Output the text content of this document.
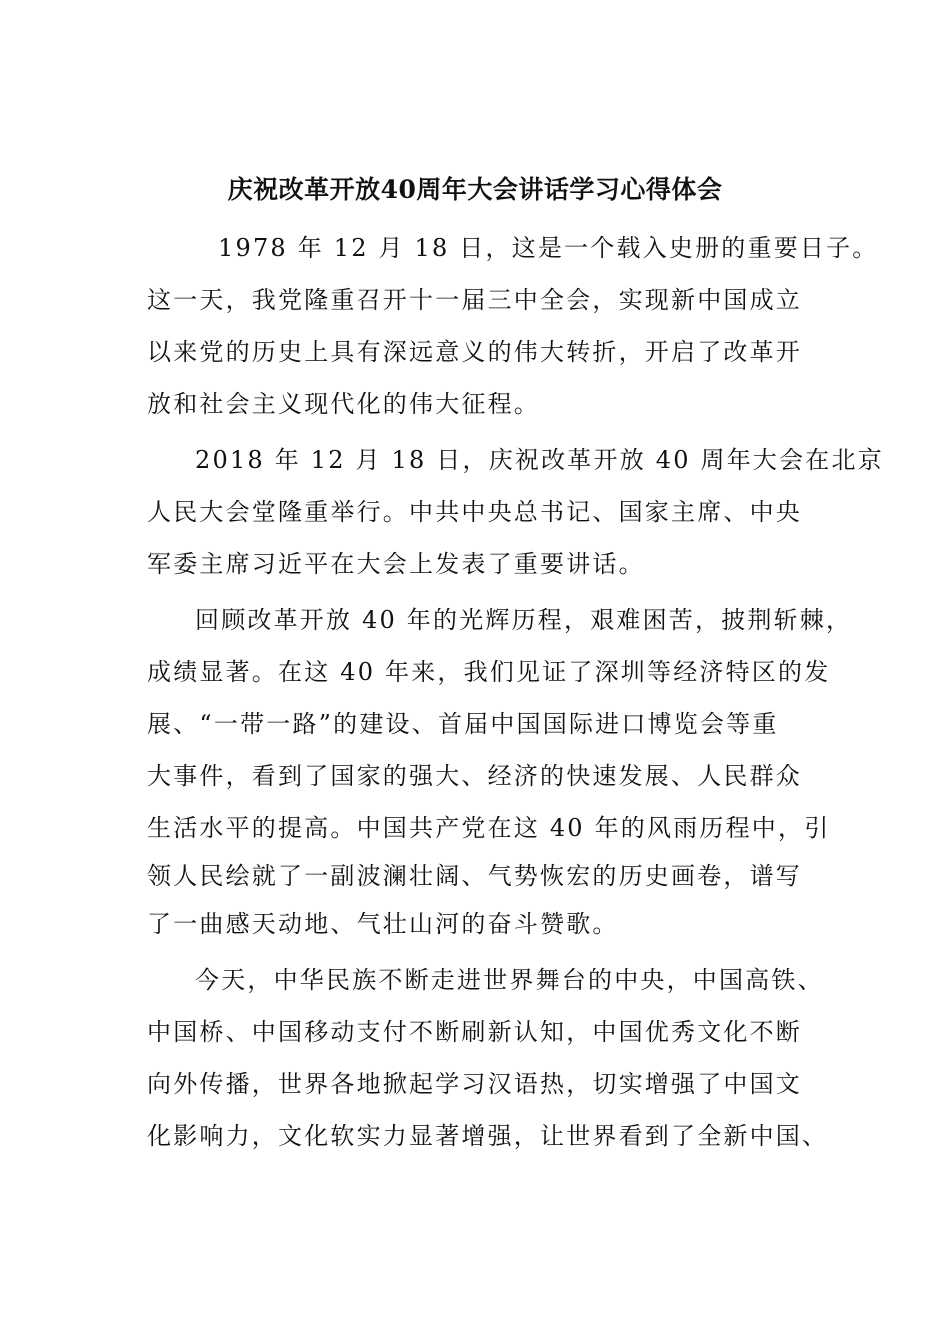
庆祝改革开放40周年大会讲话学习心得体会
1978 年 12 月 18 日，这是一个载入史册的重要日子。
这一天，我党隆重召开十一届三中全会，实现新中国成立
以来党的历史上具有深远意义的伟大转折，开启了改革开
放和社会主义现代化的伟大征程。
2018 年 12 月 18 日，庆祝改革开放 40 周年大会在北京
人民大会堂隆重举行。中共中央总书记、国家主席、中央
军委主席习近平在大会上发表了重要讲话。
回顾改革开放 40 年的光辉历程，艰难困苦，披荆斩棘，
成绩显著。在这 40 年来，我们见证了深圳等经济特区的发
展、“一带一路”的建设、首届中国国际进口博览会等重
大事件，看到了国家的强大、经济的快速发展、人民群众
生活水平的提高。中国共产党在这 40 年的风雨历程中，引
领人民绘就了一副波澜壮阔、气势恢宏的历史画卷，谱写
了一曲感天动地、气壮山河的奋斗赞歌。
今天，中华民族不断走进世界舞台的中央，中国高铁、
中国桥、中国移动支付不断刷新认知，中国优秀文化不断
向外传播，世界各地掀起学习汉语热，切实增强了中国文
化影响力，文化软实力显著增强，让世界看到了全新中国、
